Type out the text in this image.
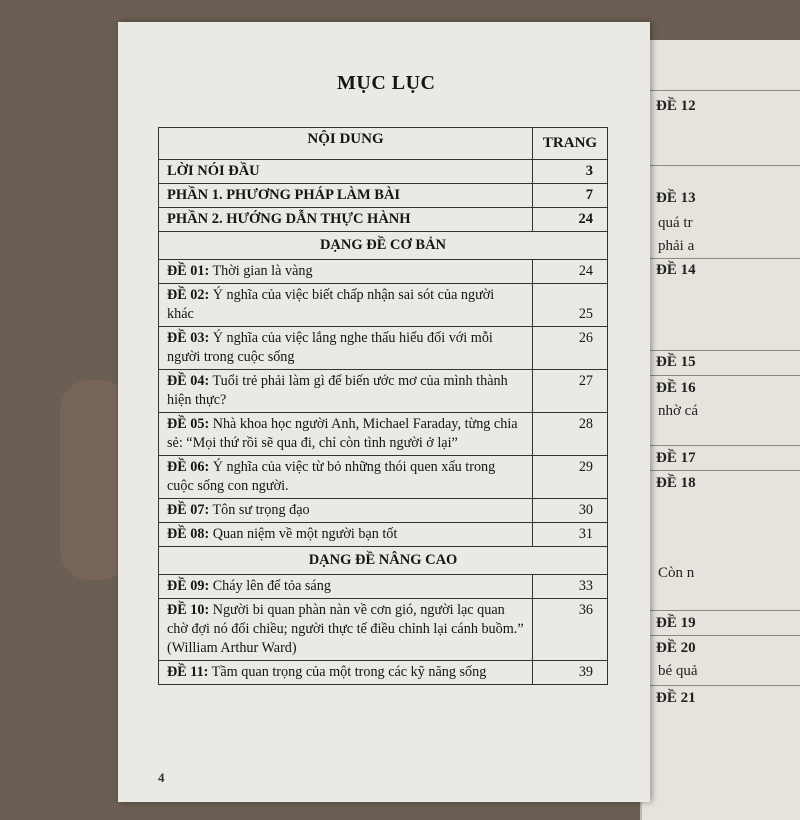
ĐỀ 12
ĐỀ 13
quá tr
phải a
ĐỀ 14
ĐỀ 15
ĐỀ 16
nhờ cá
ĐỀ 17
ĐỀ 18
Còn n
ĐỀ 19
ĐỀ 20
bé quả
ĐỀ 21
MỤC LỤC
NỘI DUNG	TRANG
LỜI NÓI ĐẦU	3
PHẦN 1. PHƯƠNG PHÁP LÀM BÀI	7
PHẦN 2. HƯỚNG DẪN THỰC HÀNH	24
DẠNG ĐỀ CƠ BẢN	
ĐỀ 01: Thời gian là vàng	24
ĐỀ 02: Ý nghĩa của việc biết chấp nhận sai sót của người khác	25
ĐỀ 03: Ý nghĩa của việc lắng nghe thấu hiểu đối với mỗi người trong cuộc sống	26
ĐỀ 04: Tuổi trẻ phải làm gì để biến ước mơ của mình thành hiện thực?	27
ĐỀ 05: Nhà khoa học người Anh, Michael Faraday, từng chia sẻ: “Mọi thứ rồi sẽ qua đi, chỉ còn tình người ở lại”	28
ĐỀ 06: Ý nghĩa của việc từ bỏ những thói quen xấu trong cuộc sống con người.	29
ĐỀ 07: Tôn sư trọng đạo	30
ĐỀ 08: Quan niệm về một người bạn tốt	31
DẠNG ĐỀ NÂNG CAO	
ĐỀ 09: Cháy lên để tỏa sáng	33
ĐỀ 10: Người bi quan phàn nàn về cơn gió, người lạc quan chờ đợi nó đổi chiều; người thực tế điều chỉnh lại cánh buồm.” (William Arthur Ward)	36
ĐỀ 11: Tầm quan trọng của một trong các kỹ năng sống	39
4
